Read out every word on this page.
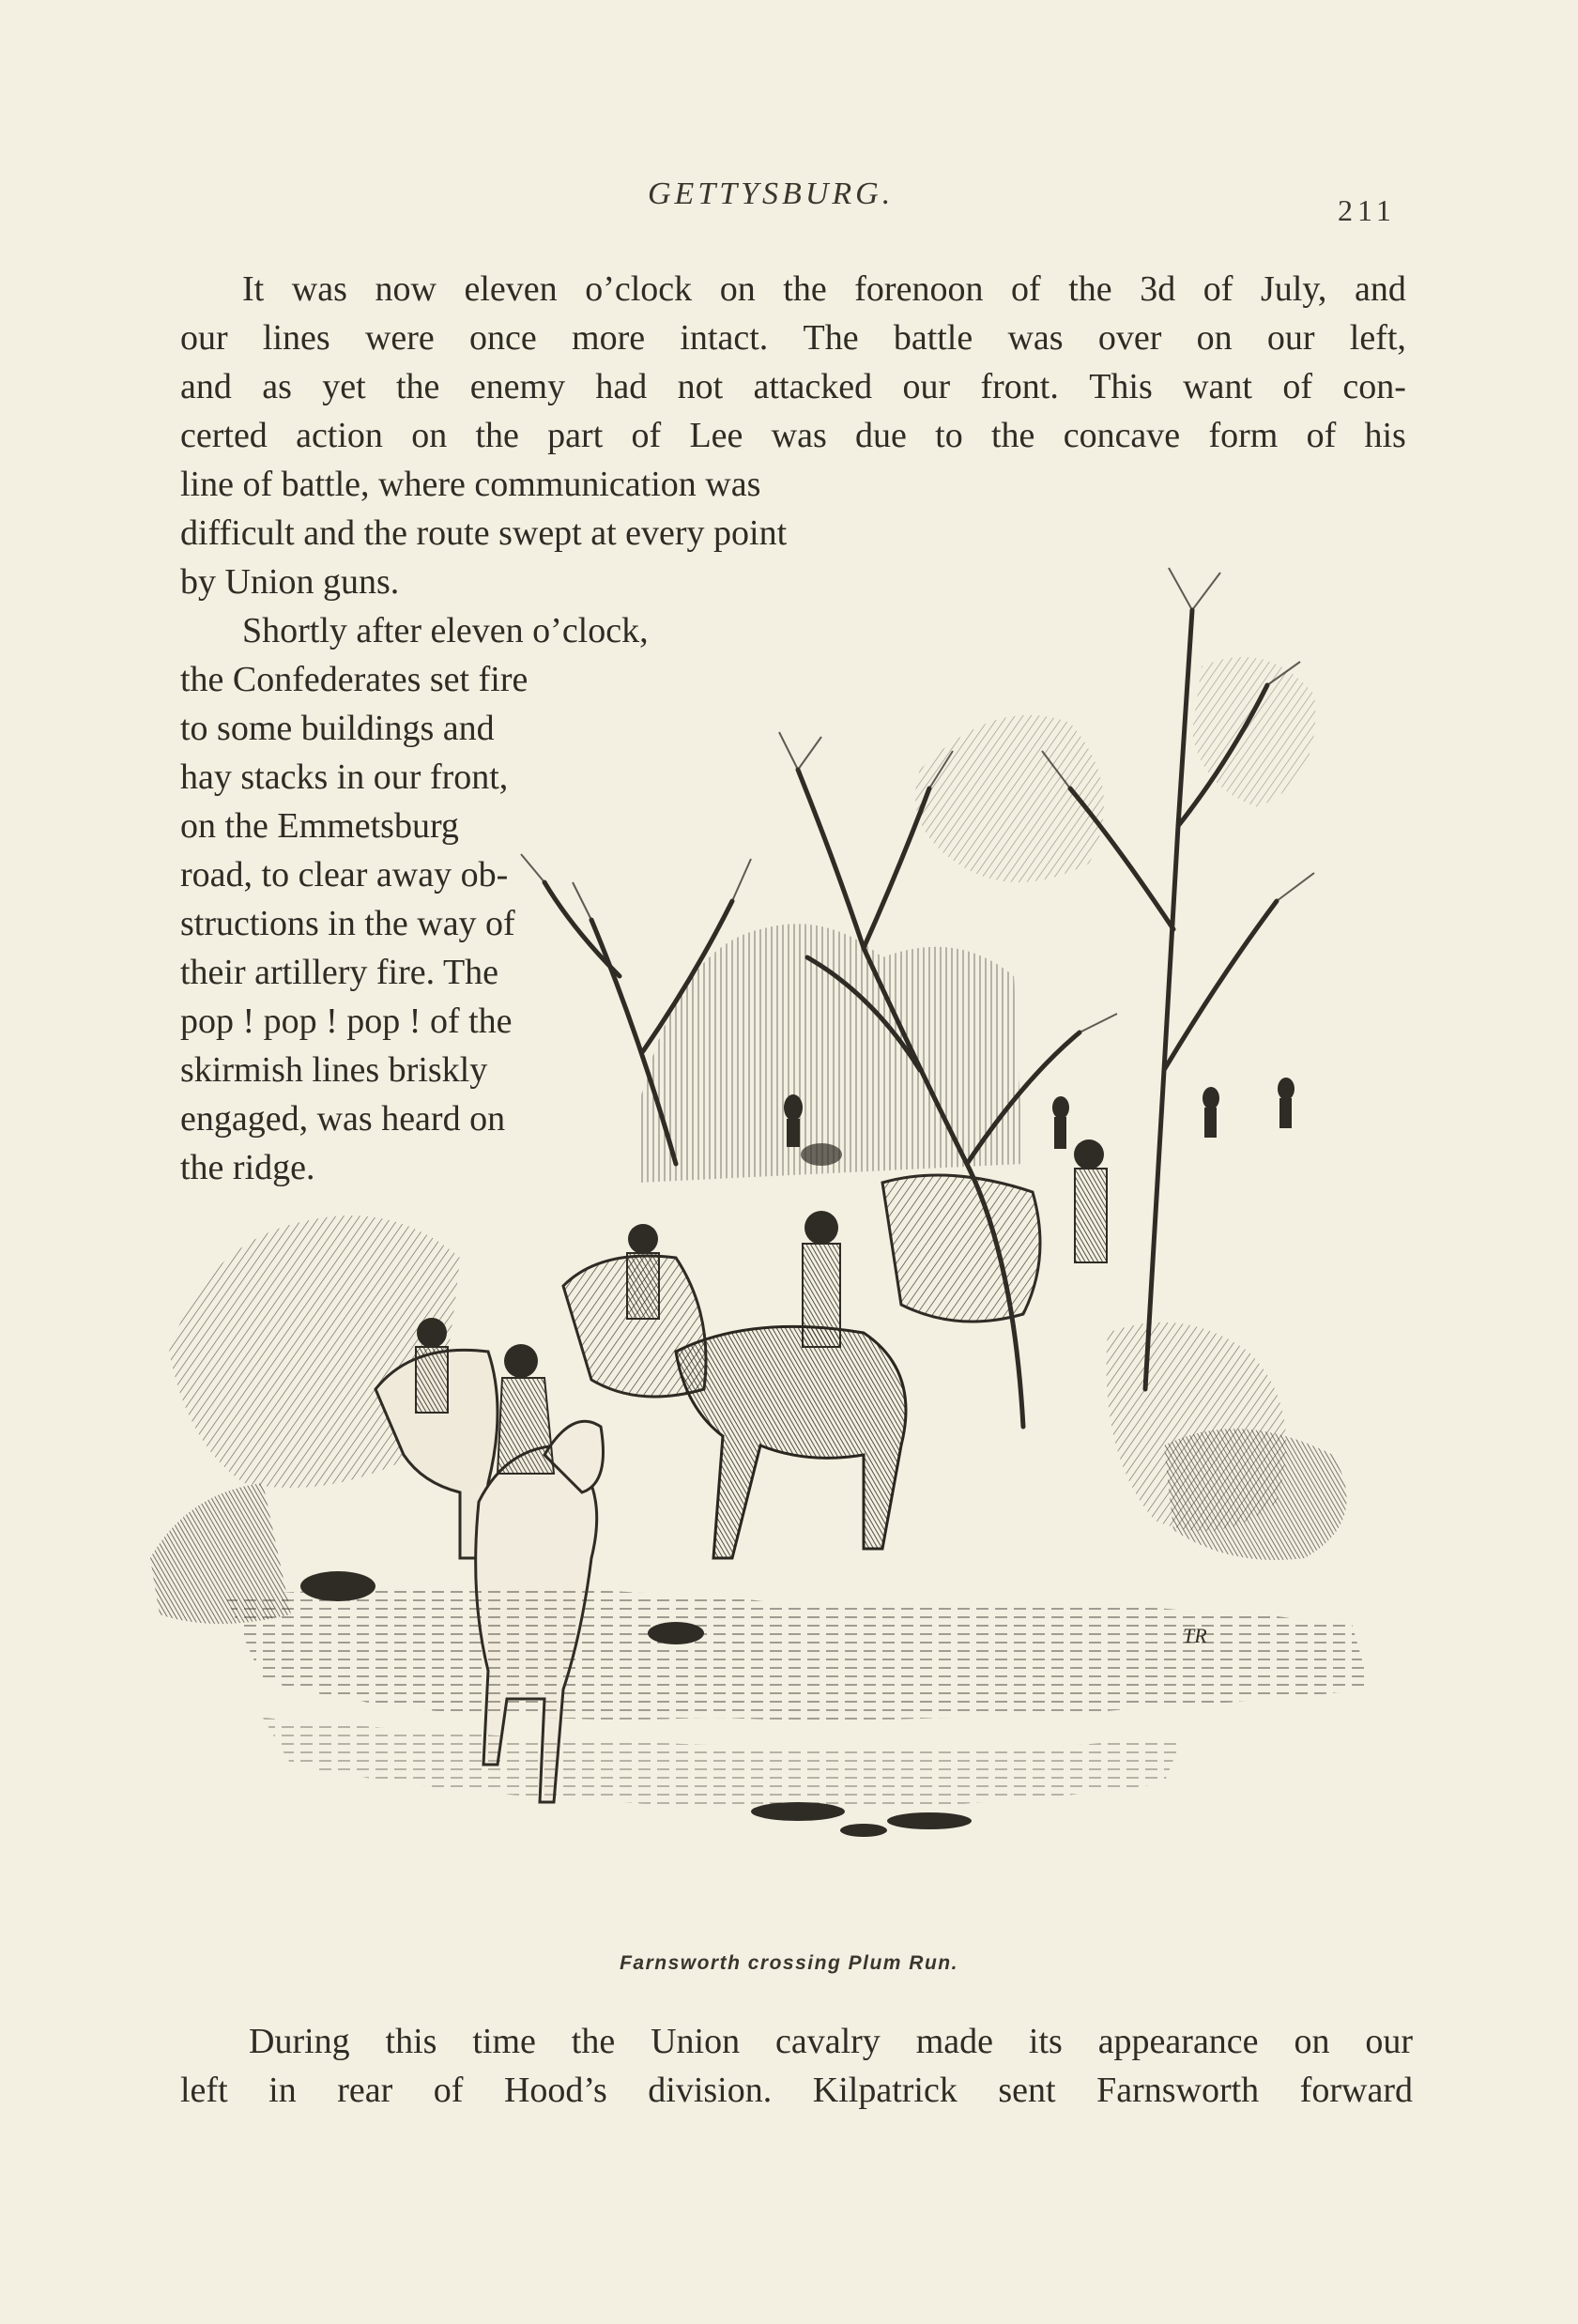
GETTYSBURG.	211
It was now eleven o’clock on the forenoon of the 3d of July, and
our lines were once more intact. The battle was over on our left,
and as yet the enemy had not attacked our front. This want of con-
certed action on the part of Lee was due to the concave form of his
line of battle, where communication was
difficult and the route swept at every point
by Union guns.
Shortly after eleven o’clock,
the Confederates set fire
to some buildings and
hay stacks in our front,
on the Emmetsburg
road, to clear away ob-
structions in the way of
their artillery fire. The
pop ! pop ! pop ! of the
skirmish lines briskly
engaged, was heard on
the ridge.
TR
Farnsworth crossing Plum Run.
During this time the Union cavalry made its appearance on our
left in rear of Hood’s division. Kilpatrick sent Farnsworth forward
